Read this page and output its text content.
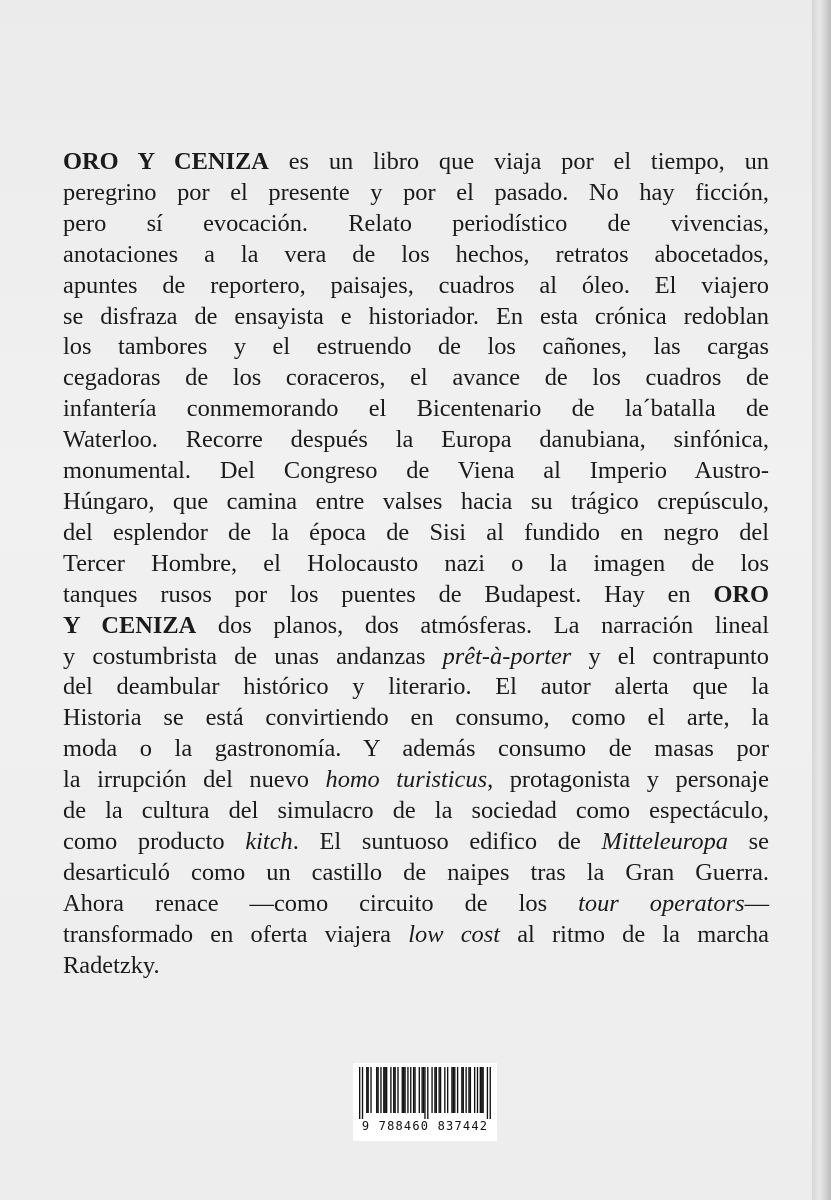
ORO Y CENIZA es un libro que viaja por el tiempo, un
peregrino por el presente y por el pasado. No hay ficción,
pero sí evocación. Relato periodístico de vivencias,
anotaciones a la vera de los hechos, retratos abocetados,
apuntes de reportero, paisajes, cuadros al óleo. El viajero
se disfraza de ensayista e historiador. En esta crónica redoblan
los tambores y el estruendo de los cañones, las cargas
cegadoras de los coraceros, el avance de los cuadros de
infantería conmemorando el Bicentenario de la´batalla de
Waterloo. Recorre después la Europa danubiana, sinfónica,
monumental. Del Congreso de Viena al Imperio Austro-
Húngaro, que camina entre valses hacia su trágico crepúsculo,
del esplendor de la época de Sisi al fundido en negro del
Tercer Hombre, el Holocausto nazi o la imagen de los
tanques rusos por los puentes de Budapest. Hay en ORO
Y CENIZA dos planos, dos atmósferas. La narración lineal
y costumbrista de unas andanzas prêt-à-porter y el contrapunto
del deambular histórico y literario. El autor alerta que la
Historia se está convirtiendo en consumo, como el arte, la
moda o la gastronomía. Y además consumo de masas por
la irrupción del nuevo homo turisticus, protagonista y personaje
de la cultura del simulacro de la sociedad como espectáculo,
como producto kitch. El suntuoso edifico de Mitteleuropa se
desarticuló como un castillo de naipes tras la Gran Guerra.
Ahora renace —como circuito de los tour operators—
transformado en oferta viajera low cost al ritmo de la marcha
Radetzky.
9 788460 837442
